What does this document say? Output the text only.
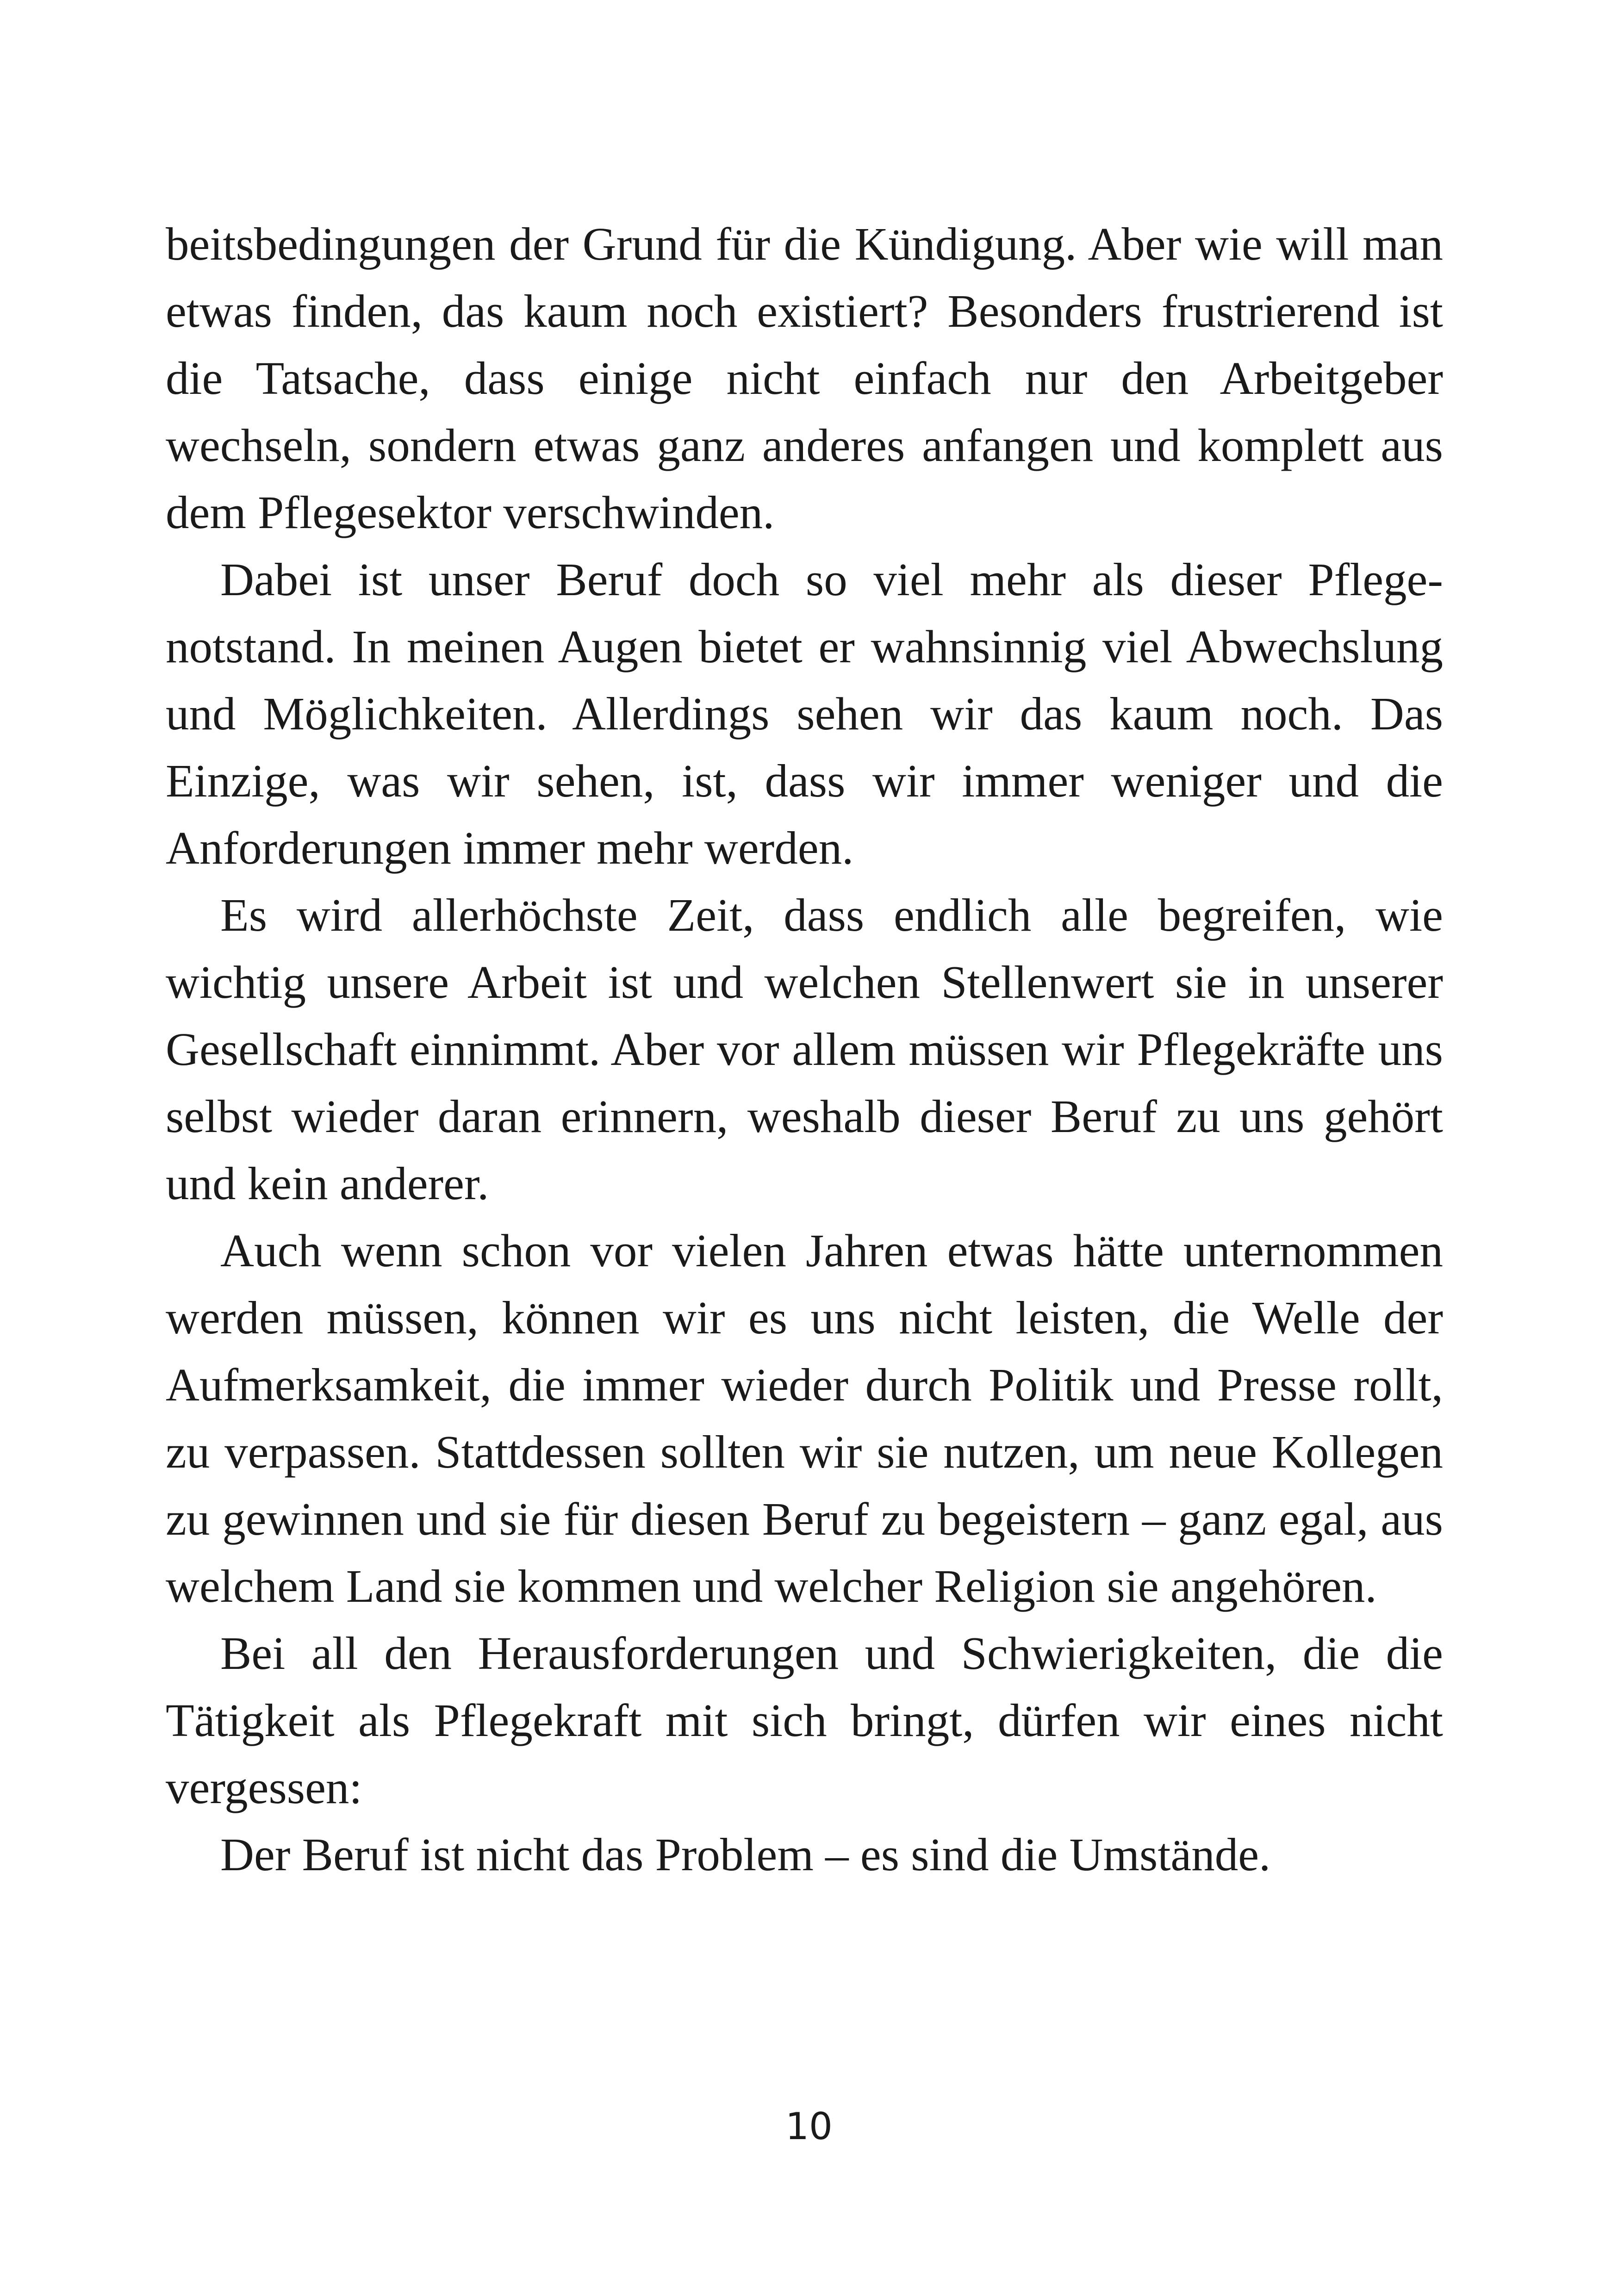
beitsbedingungen der Grund für die Kündigung. Aber wie will man etwas finden, das kaum noch existiert? Besonders frustrierend ist die Tatsache, dass einige nicht einfach nur den Arbeitgeber wechseln, sondern etwas ganz anderes anfangen und komplett aus dem Pflegesektor verschwinden.

Dabei ist unser Beruf doch so viel mehr als dieser Pflegenotstand. In meinen Augen bietet er wahnsinnig viel Abwechslung und Möglichkeiten. Allerdings sehen wir das kaum noch. Das Einzige, was wir sehen, ist, dass wir immer weniger und die Anforderungen immer mehr werden.

Es wird allerhöchste Zeit, dass endlich alle begreifen, wie wichtig unsere Arbeit ist und welchen Stellenwert sie in unserer Gesellschaft einnimmt. Aber vor allem müssen wir Pflegekräfte uns selbst wieder daran erinnern, weshalb dieser Beruf zu uns gehört und kein anderer.

Auch wenn schon vor vielen Jahren etwas hätte unternommen werden müssen, können wir es uns nicht leisten, die Welle der Aufmerksamkeit, die immer wieder durch Politik und Presse rollt, zu verpassen. Stattdessen sollten wir sie nutzen, um neue Kollegen zu gewinnen und sie für diesen Beruf zu begeistern – ganz egal, aus welchem Land sie kommen und welcher Religion sie angehören.

Bei all den Herausforderungen und Schwierigkeiten, die die Tätigkeit als Pflegekraft mit sich bringt, dürfen wir eines nicht vergessen:

Der Beruf ist nicht das Problem – es sind die Umstände.

10
